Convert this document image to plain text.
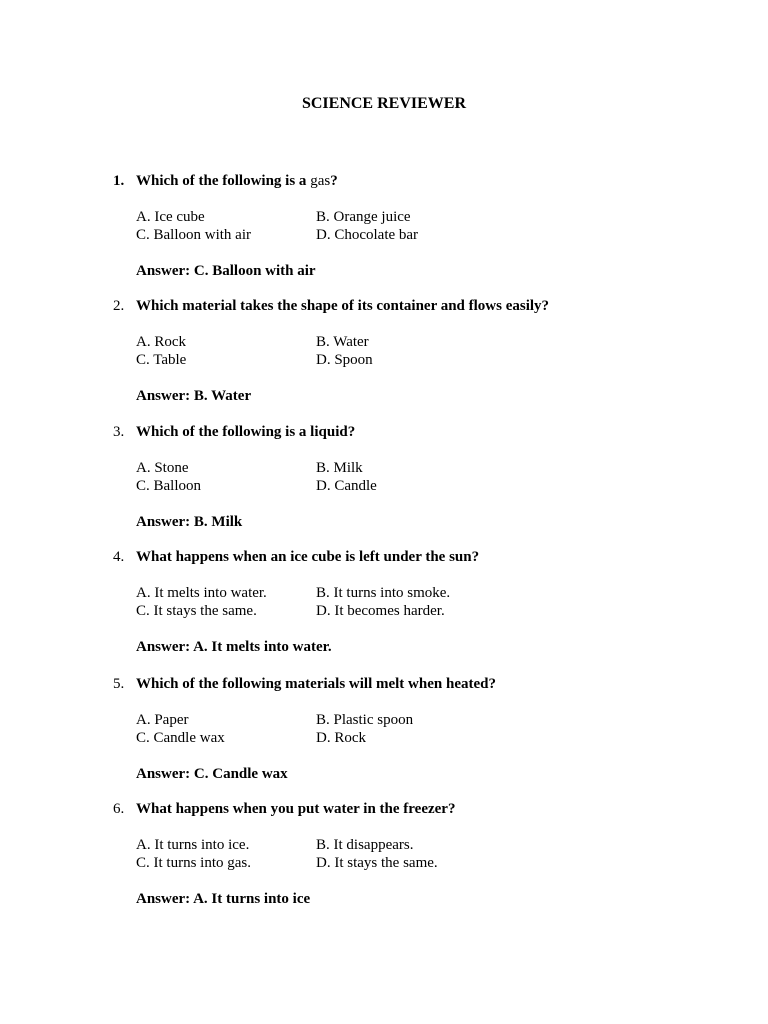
SCIENCE REVIEWER
1. Which of the following is a gas?
A. Ice cube	B. Orange juice
C. Balloon with air	D. Chocolate bar
Answer: C. Balloon with air
2. Which material takes the shape of its container and flows easily?
A. Rock	B. Water
C. Table	D. Spoon
Answer: B. Water
3. Which of the following is a liquid?
A. Stone	B. Milk
C. Balloon	D. Candle
Answer: B. Milk
4. What happens when an ice cube is left under the sun?
A. It melts into water.	B. It turns into smoke.
C. It stays the same.	D. It becomes harder.
Answer: A. It melts into water.
5. Which of the following materials will melt when heated?
A. Paper	B. Plastic spoon
C. Candle wax	D. Rock
Answer: C. Candle wax
6. What happens when you put water in the freezer?
A. It turns into ice.	B. It disappears.
C. It turns into gas.	D. It stays the same.
Answer: A. It turns into ice
